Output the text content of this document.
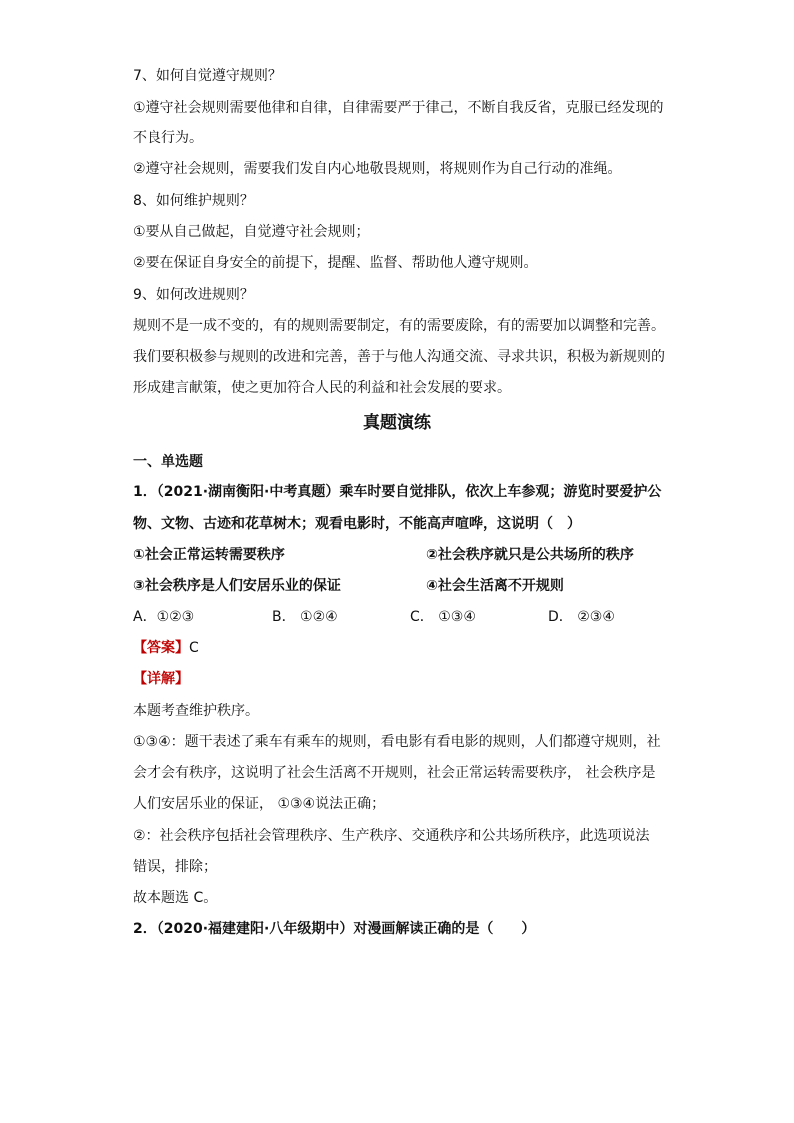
7、如何自觉遵守规则？
①遵守社会规则需要他律和自律，自律需要严于律己，不断自我反省，克服已经发现的
不良行为。
②遵守社会规则，需要我们发自内心地敬畏规则，将规则作为自己行动的准绳。
8、如何维护规则？
①要从自己做起，自觉遵守社会规则；
②要在保证自身安全的前提下，提醒、监督、帮助他人遵守规则。
9、如何改进规则？
规则不是一成不变的，有的规则需要制定，有的需要废除，有的需要加以调整和完善。
我们要积极参与规则的改进和完善，善于与他人沟通交流、寻求共识，积极为新规则的
形成建言献策，使之更加符合人民的利益和社会发展的要求。
真题演练
一、单选题
1．（2021·湖南衡阳·中考真题）乘车时要自觉排队，依次上车参观；游览时要爱护公
物、文物、古迹和花草树木；观看电影时，不能高声喧哗，这说明（　）
①社会正常运转需要秩序	②社会秩序就只是公共场所的秩序
③社会秩序是人们安居乐业的保证	④社会生活离不开规则
A．①②③	B． ①②④	C． ①③④	D． ②③④
【答案】C
【详解】
本题考查维护秩序。
①③④：题干表述了乘车有乘车的规则，看电影有看电影的规则，人们都遵守规则，社
会才会有秩序，这说明了社会生活离不开规则，社会正常运转需要秩序， 社会秩序是
人们安居乐业的保证， ①③④说法正确；
②：社会秩序包括社会管理秩序、生产秩序、交通秩序和公共场所秩序，此选项说法
错误，排除；
故本题选 C。
2．（2020·福建建阳·八年级期中）对漫画解读正确的是（　　）
